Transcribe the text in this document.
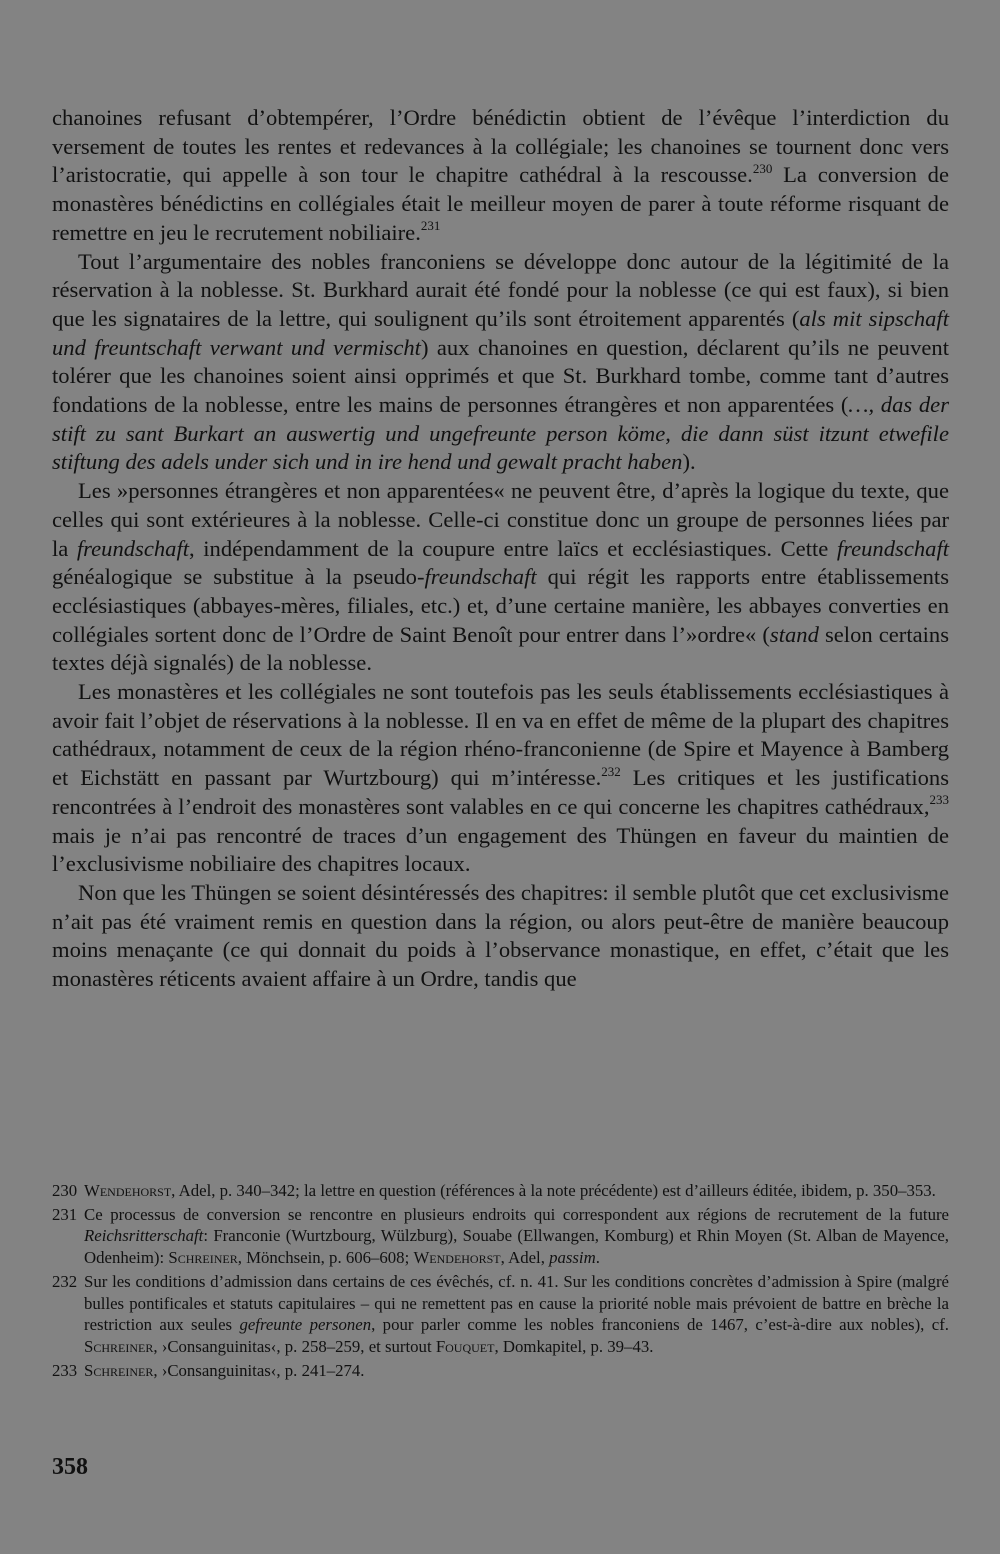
chanoines refusant d’obtempérer, l’Ordre bénédictin obtient de l’évêque l’interdiction du versement de toutes les rentes et redevances à la collégiale; les chanoines se tournent donc vers l’aristocratie, qui appelle à son tour le chapitre cathédral à la rescousse.$^{230}$ La conversion de monastères bénédictins en collégiales était le meilleur moyen de parer à toute réforme risquant de remettre en jeu le recrutement nobiliaire.$^{231}$

Tout l’argumentaire des nobles franconiens se développe donc autour de la légitimité de la réservation à la noblesse. St. Burkhard aurait été fondé pour la noblesse (ce qui est faux), si bien que les signataires de la lettre, qui soulignent qu’ils sont étroitement apparentés (als mit sipschaft und freuntschaft verwant und vermischt) aux chanoines en question, déclarent qu’ils ne peuvent tolérer que les chanoines soient ainsi opprimés et que St. Burkhard tombe, comme tant d’autres fondations de la noblesse, entre les mains de personnes étrangères et non apparentées (…, das der stift zu sant Burkart an auswertig und ungefreunte person köme, die dann süst itzunt etwefile stiftung des adels under sich und in ire hend und gewalt pracht haben).

Les »personnes étrangères et non apparentées« ne peuvent être, d’après la logique du texte, que celles qui sont extérieures à la noblesse. Celle-ci constitue donc un groupe de personnes liées par la freundschaft, indépendamment de la coupure entre laïcs et ecclésiastiques. Cette freundschaft généalogique se substitue à la pseudo-freundschaft qui régit les rapports entre établissements ecclésiastiques (abbayes-mères, filiales, etc.) et, d’une certaine manière, les abbayes converties en collégiales sortent donc de l’Ordre de Saint Benoît pour entrer dans l’»ordre« (stand selon certains textes déjà signalés) de la noblesse.

Les monastères et les collégiales ne sont toutefois pas les seuls établissements ecclésiastiques à avoir fait l’objet de réservations à la noblesse. Il en va en effet de même de la plupart des chapitres cathédraux, notamment de ceux de la région rhéno-franconienne (de Spire et Mayence à Bamberg et Eichstätt en passant par Wurtzbourg) qui m’intéresse.$^{232}$ Les critiques et les justifications rencontrées à l’endroit des monastères sont valables en ce qui concerne les chapitres cathédraux,$^{233}$ mais je n’ai pas rencontré de traces d’un engagement des Thüngen en faveur du maintien de l’exclusivisme nobiliaire des chapitres locaux.

Non que les Thüngen se soient désintéressés des chapitres: il semble plutôt que cet exclusivisme n’ait pas été vraiment remis en question dans la région, ou alors peut-être de manière beaucoup moins menaçante (ce qui donnait du poids à l’observance monastique, en effet, c’était que les monastères réticents avaient affaire à un Ordre, tandis que

230 Wendehorst, Adel, p. 340–342; la lettre en question (références à la note précédente) est d’ailleurs éditée, ibidem, p. 350–353.
231 Ce processus de conversion se rencontre en plusieurs endroits qui correspondent aux régions de recrutement de la future Reichsritterschaft: Franconie (Wurtzbourg, Wülzburg), Souabe (Ellwangen, Komburg) et Rhin Moyen (St. Alban de Mayence, Odenheim): Schreiner, Mönchsein, p. 606–608; Wendehorst, Adel, passim.
232 Sur les conditions d’admission dans certains de ces évêchés, cf. n. 41. Sur les conditions concrètes d’admission à Spire (malgré bulles pontificales et statuts capitulaires – qui ne remettent pas en cause la priorité noble mais prévoient de battre en brèche la restriction aux seules gefreunte personen, pour parler comme les nobles franconiens de 1467, c’est-à-dire aux nobles), cf. Schreiner, ›Consanguinitas‹, p. 258–259, et surtout Fouquet, Domkapitel, p. 39–43.
233 Schreiner, ›Consanguinitas‹, p. 241–274.
358
